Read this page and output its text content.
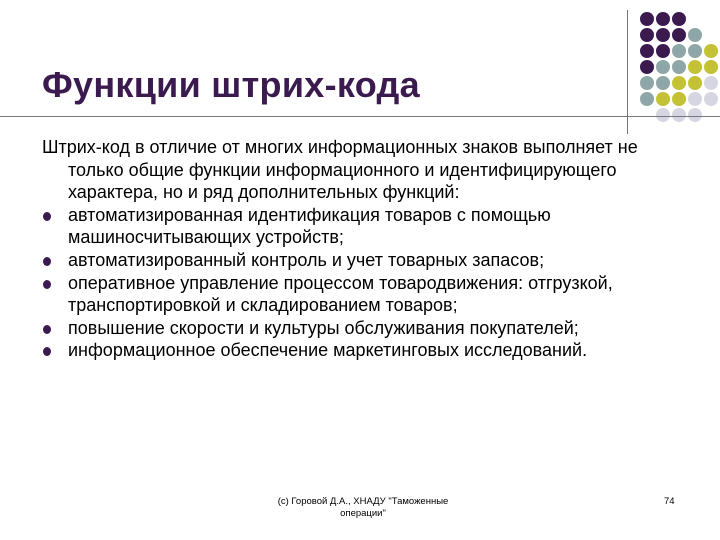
Функции штрих-кода

Штрих-код в отличие от многих информационных знаков выполняет не только общие функции информационного и идентифицирующего характера, но и ряд дополнительных функций:

автоматизированная идентификация товаров с помощью машиносчитывающих устройств;
автоматизированный контроль и учет товарных запасов;
оперативное управление процессом товародвижения: отгрузкой, транспортировкой и складированием товаров;
повышение скорости и культуры обслуживания покупателей;
информационное обеспечение маркетинговых исследований.
(с) Горовой Д.А., ХНАДУ "Таможенные операции"
74
